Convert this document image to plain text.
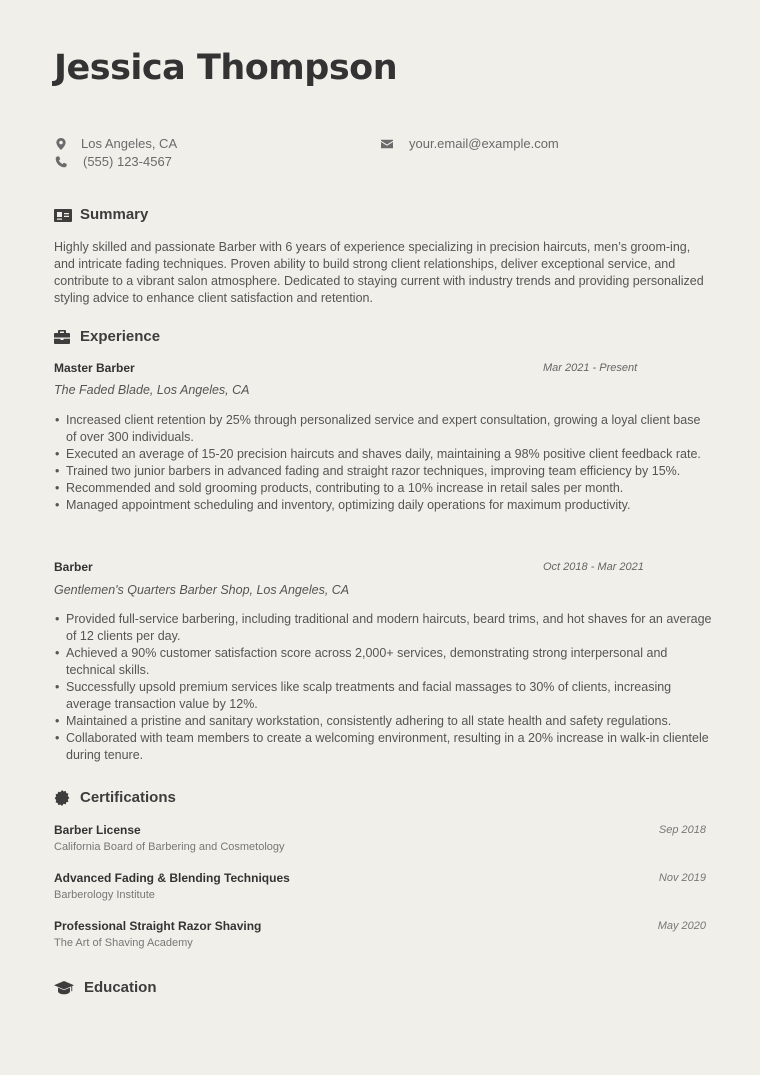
Jessica Thompson
Los Angeles, CA
(555) 123-4567
your.email@example.com
Summary

Highly skilled and passionate Barber with 6 years of experience specializing in precision haircuts, men’s groom-ing, and intricate fading techniques. Proven ability to build strong client relationships, deliver exceptional service, and contribute to a vibrant salon atmosphere. Dedicated to staying current with industry trends and providing personalized styling advice to enhance client satisfaction and retention.

Experience
Master Barber	Mar 2021 - Present
The Faded Blade, Los Angeles, CA
• Increased client retention by 25% through personalized service and expert consultation, growing a loyal client base of over 300 individuals.
• Executed an average of 15-20 precision haircuts and shaves daily, maintaining a 98% positive client feedback rate.
• Trained two junior barbers in advanced fading and straight razor techniques, improving team efficiency by 15%.
• Recommended and sold grooming products, contributing to a 10% increase in retail sales per month.
• Managed appointment scheduling and inventory, optimizing daily operations for maximum productivity.
Barber	Oct 2018 - Mar 2021
Gentlemen's Quarters Barber Shop, Los Angeles, CA
• Provided full-service barbering, including traditional and modern haircuts, beard trims, and hot shaves for an average of 12 clients per day.
• Achieved a 90% customer satisfaction score across 2,000+ services, demonstrating strong interpersonal and technical skills.
• Successfully upsold premium services like scalp treatments and facial massages to 30% of clients, increasing average transaction value by 12%.
• Maintained a pristine and sanitary workstation, consistently adhering to all state health and safety regulations.
• Collaborated with team members to create a welcoming environment, resulting in a 20% increase in walk-in clientele during tenure.
Certifications
Barber License	Sep 2018
California Board of Barbering and Cosmetology
Advanced Fading & Blending Techniques	Nov 2019
Barberology Institute
Professional Straight Razor Shaving	May 2020
The Art of Shaving Academy
Education
